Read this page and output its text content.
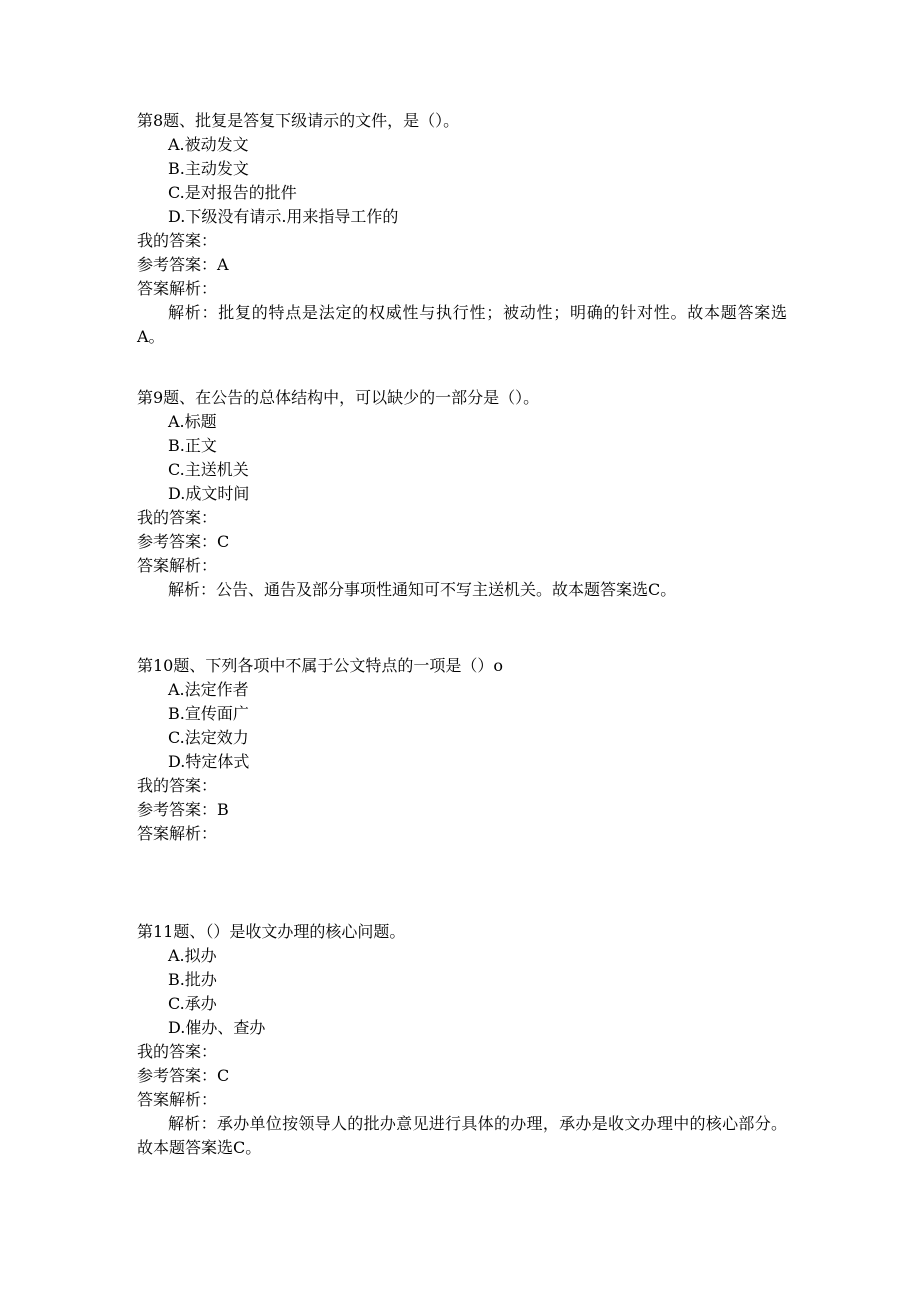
第8题、批复是答复下级请示的文件，是（）。
A.被动发文
B.主动发文
C.是对报告的批件
D.下级没有请示.用来指导工作的
我的答案：
参考答案：A
答案解析：
解析：批复的特点是法定的权威性与执行性；被动性；明确的针对性。故本题答案选A。
第9题、在公告的总体结构中，可以缺少的一部分是（）。
A.标题
B.正文
C.主送机关
D.成文时间
我的答案：
参考答案：C
答案解析：
解析：公告、通告及部分事项性通知可不写主送机关。故本题答案选C。
第10题、下列各项中不属于公文特点的一项是（）o
A.法定作者
B.宣传面广
C.法定效力
D.特定体式
我的答案：
参考答案：B
答案解析：
第11题、（）是收文办理的核心问题。
A.拟办
B.批办
C.承办
D.催办、查办
我的答案：
参考答案：C
答案解析：
解析：承办单位按领导人的批办意见进行具体的办理，承办是收文办理中的核心部分。故本题答案选C。
